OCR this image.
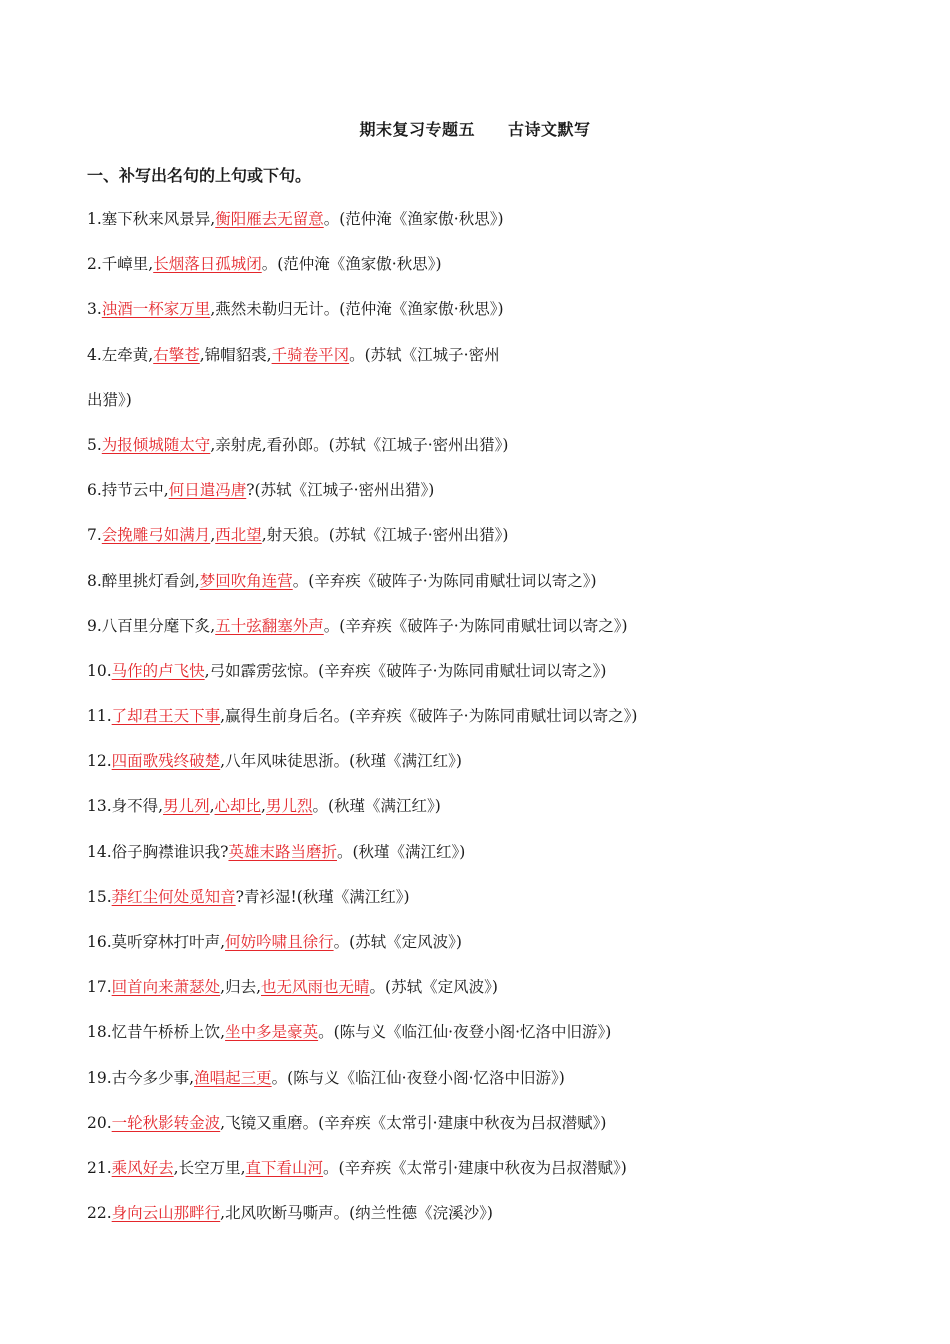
期末复习专题五　　古诗文默写
一、补写出名句的上句或下句。
1.塞下秋来风景异,衡阳雁去无留意。(范仲淹《渔家傲·秋思》)
2.千嶂里,长烟落日孤城闭。(范仲淹《渔家傲·秋思》)
3.浊酒一杯家万里,燕然未勒归无计。(范仲淹《渔家傲·秋思》)
4.左牵黄,右擎苍,锦帽貂裘,千骑卷平冈。(苏轼《江城子·密州
出猎》)
5.为报倾城随太守,亲射虎,看孙郎。(苏轼《江城子·密州出猎》)
6.持节云中,何日遣冯唐?(苏轼《江城子·密州出猎》)
7.会挽雕弓如满月,西北望,射天狼。(苏轼《江城子·密州出猎》)
8.醉里挑灯看剑,梦回吹角连营。(辛弃疾《破阵子·为陈同甫赋壮词以寄之》)
9.八百里分麾下炙,五十弦翻塞外声。(辛弃疾《破阵子·为陈同甫赋壮词以寄之》)
10.马作的卢飞快,弓如霹雳弦惊。(辛弃疾《破阵子·为陈同甫赋壮词以寄之》)
11.了却君王天下事,赢得生前身后名。(辛弃疾《破阵子·为陈同甫赋壮词以寄之》)
12.四面歌残终破楚,八年风味徒思浙。(秋瑾《满江红》)
13.身不得,男儿列,心却比,男儿烈。(秋瑾《满江红》)
14.俗子胸襟谁识我?英雄末路当磨折。(秋瑾《满江红》)
15.莽红尘何处觅知音?青衫湿!(秋瑾《满江红》)
16.莫听穿林打叶声,何妨吟啸且徐行。(苏轼《定风波》)
17.回首向来萧瑟处,归去,也无风雨也无晴。(苏轼《定风波》)
18.忆昔午桥桥上饮,坐中多是豪英。(陈与义《临江仙·夜登小阁·忆洛中旧游》)
19.古今多少事,渔唱起三更。(陈与义《临江仙·夜登小阁·忆洛中旧游》)
20.一轮秋影转金波,飞镜又重磨。(辛弃疾《太常引·建康中秋夜为吕叔潜赋》)
21.乘风好去,长空万里,直下看山河。(辛弃疾《太常引·建康中秋夜为吕叔潜赋》)
22.身向云山那畔行,北风吹断马嘶声。(纳兰性德《浣溪沙》)
